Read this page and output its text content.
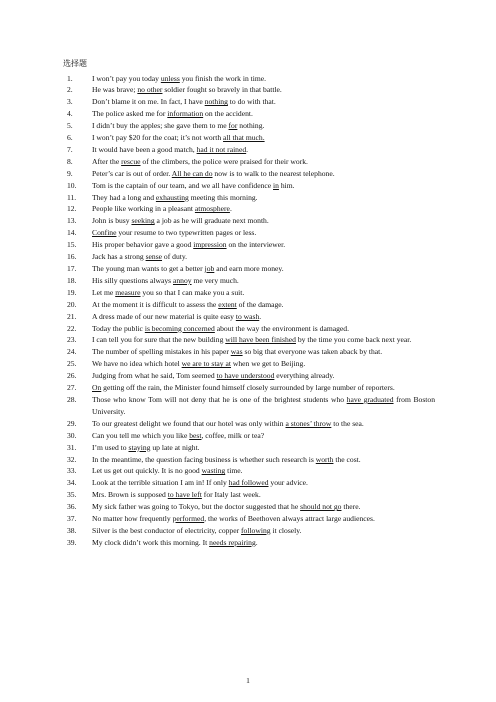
选择题
1.	I won’t pay you today unless you finish the work in time.
2.	He was brave; no other soldier fought so bravely in that battle.
3.	Don’t blame it on me. In fact, I have nothing to do with that.
4.	The police asked me for information on the accident.
5.	I didn’t buy the apples; she gave them to me for nothing.
6.	I won’t pay $20 for the coat; it’s not worth all that much.
7.	It would have been a good match, had it not rained.
8.	After the rescue of the climbers, the police were praised for their work.
9.	Peter’s car is out of order. All he can do now is to walk to the nearest telephone.
10.	Tom is the captain of our team, and we all have confidence in him.
11.	They had a long and exhausting meeting this morning.
12.	People like working in a pleasant atmosphere.
13.	John is busy seeking a job as he will graduate next month.
14.	Confine your resume to two typewritten pages or less.
15.	His proper behavior gave a good impression on the interviewer.
16.	Jack has a strong sense of duty.
17.	The young man wants to get a better job and earn more money.
18.	His silly questions always annoy me very much.
19.	Let me measure you so that I can make you a suit.
20.	At the moment it is difficult to assess the extent of the damage.
21.	A dress made of our new material is quite easy to wash.
22.	Today the public is becoming concerned about the way the environment is damaged.
23.	I can tell you for sure that the new building will have been finished by the time you come back next year.
24.	The number of spelling mistakes in his paper was so big that everyone was taken aback by that.
25.	We have no idea which hotel we are to stay at when we get to Beijing.
26.	Judging from what he said, Tom seemed to have understood everything already.
27.	On getting off the rain, the Minister found himself closely surrounded by large number of reporters.
28.	Those who know Tom will not deny that he is one of the brightest students who have graduated from Boston University.
29.	To our greatest delight we found that our hotel was only within a stones’ throw to the sea.
30.	Can you tell me which you like best, coffee, milk or tea?
31.	I’m used to staying up late at night.
32.	In the meantime, the question facing business is whether such research is worth the cost.
33.	Let us get out quickly. It is no good wasting time.
34.	Look at the terrible situation I am in! If only had followed your advice.
35.	Mrs. Brown is supposed to have left for Italy last week.
36.	My sick father was going to Tokyo, but the doctor suggested that he should not go there.
37.	No matter how frequently performed, the works of Beethoven always attract large audiences.
38.	Silver is the best conductor of electricity, copper following it closely.
39.	My clock didn’t work this morning. It needs repairing.
1
